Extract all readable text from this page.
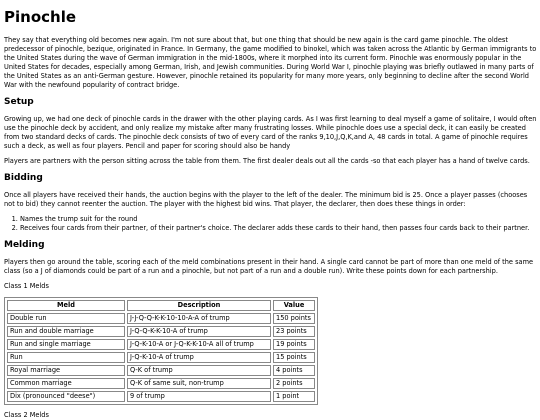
Pinochle

They say that everything old becomes new again. I'm not sure about that, but one thing that should be new again is the card game pinochle. The oldest predecessor of pinochle, bezique, originated in France. In Germany, the game modified to binokel, which was taken across the Atlantic by German immigrants to the United States during the wave of German immigration in the mid-1800s, where it morphed into its current form. Pinochle was enormously popular in the United States for decades, especially among German, Irish, and Jewish communities. During World War I, pinochle playing was briefly outlawed in many parts of the United States as an anti-German gesture. However, pinochle retained its popularity for many more years, only beginning to decline after the second World War with the newfound popularity of contract bridge.

Setup

Growing up, we had one deck of pinochle cards in the drawer with the other playing cards. As I was first learning to deal myself a game of solitaire, I would often use the pinochle deck by accident, and only realize my mistake after many frustrating losses. While pinochle does use a special deck, it can easily be created from two standard decks of cards. The pinochle deck consists of two of every card of the ranks 9,10,J,Q,K,and A, 48 cards in total. A game of pinochle requires such a deck, as well as four players. Pencil and paper for scoring should also be handy

Players are partners with the person sitting across the table from them. The first dealer deals out all the cards -so that each player has a hand of twelve cards.

Bidding

Once all players have received their hands, the auction begins with the player to the left of the dealer. The minimum bid is 25. Once a player passes (chooses not to bid) they cannot reenter the auction. The player with the highest bid wins. That player, the declarer, then does these things in order:

1. Names the trump suit for the round
2. Receives four cards from their partner, of their partner's choice. The declarer adds these cards to their hand, then passes four cards back to their partner.
Melding

Players then go around the table, scoring each of the meld combinations present in their hand. A single card cannot be part of more than one meld of the same class (so a J of diamonds could be part of a run and a pinochle, but not part of a run and a double run). Write these points down for each partnership.

Class 1 Melds

Meld	Description	Value
Double run	J-J-Q-Q-K-K-10-10-A-A of trump	150 points
Run and double marriage	J-Q-Q-K-K-10-A of trump	23 points
Run and single marriage	J-Q-K-10-A or J-Q-K-K-10-A all of trump	19 points
Run	J-Q-K-10-A of trump	15 points
Royal marriage	Q-K of trump	4 points
Common marriage	Q-K of same suit, non-trump	2 points
Dix (pronounced "deese")	9 of trump	1 point

Class 2 Melds
